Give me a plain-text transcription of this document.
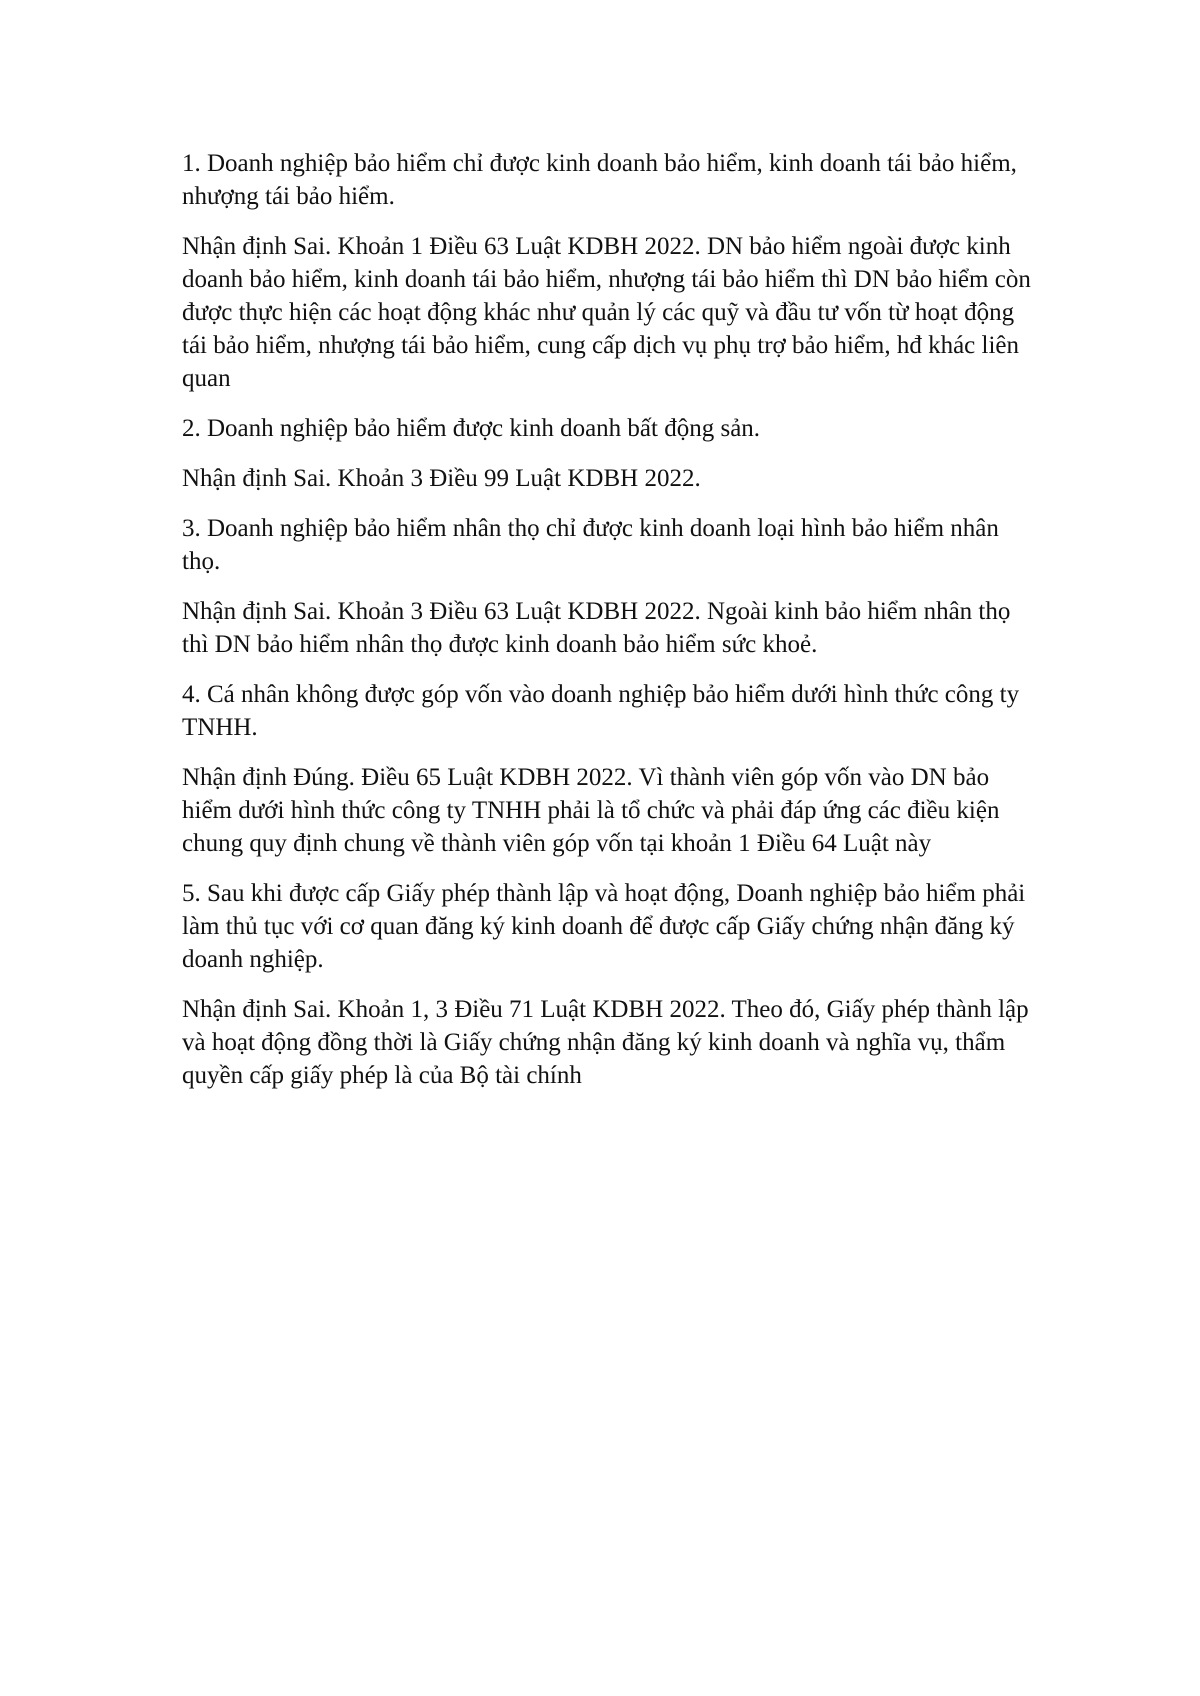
1. Doanh nghiệp bảo hiểm chỉ được kinh doanh bảo hiểm, kinh doanh tái bảo hiểm, nhượng tái bảo hiểm.

Nhận định Sai. Khoản 1 Điều 63 Luật KDBH 2022. DN bảo hiểm ngoài được kinh doanh bảo hiểm, kinh doanh tái bảo hiểm, nhượng tái bảo hiểm thì DN bảo hiểm còn được thực hiện các hoạt động khác như quản lý các quỹ và đầu tư vốn từ hoạt động tái bảo hiểm, nhượng tái bảo hiểm, cung cấp dịch vụ phụ trợ bảo hiểm, hđ khác liên quan

2. Doanh nghiệp bảo hiểm được kinh doanh bất động sản.

Nhận định Sai. Khoản 3 Điều 99 Luật KDBH 2022.

3. Doanh nghiệp bảo hiểm nhân thọ chỉ được kinh doanh loại hình bảo hiểm nhân thọ.

Nhận định Sai. Khoản 3 Điều 63 Luật KDBH 2022. Ngoài kinh bảo hiểm nhân thọ thì DN bảo hiểm nhân thọ được kinh doanh bảo hiểm sức khoẻ.

4. Cá nhân không được góp vốn vào doanh nghiệp bảo hiểm dưới hình thức công ty TNHH.

Nhận định Đúng. Điều 65 Luật KDBH 2022. Vì thành viên góp vốn vào DN bảo hiểm dưới hình thức công ty TNHH phải là tổ chức và phải đáp ứng các điều kiện chung quy định chung về thành viên góp vốn tại khoản 1 Điều 64 Luật này

5. Sau khi được cấp Giấy phép thành lập và hoạt động, Doanh nghiệp bảo hiểm phải làm thủ tục với cơ quan đăng ký kinh doanh để được cấp Giấy chứng nhận đăng ký doanh nghiệp.

Nhận định Sai. Khoản 1, 3 Điều 71 Luật KDBH 2022. Theo đó, Giấy phép thành lập và hoạt động đồng thời là Giấy chứng nhận đăng ký kinh doanh và nghĩa vụ, thẩm quyền cấp giấy phép là của Bộ tài chính
